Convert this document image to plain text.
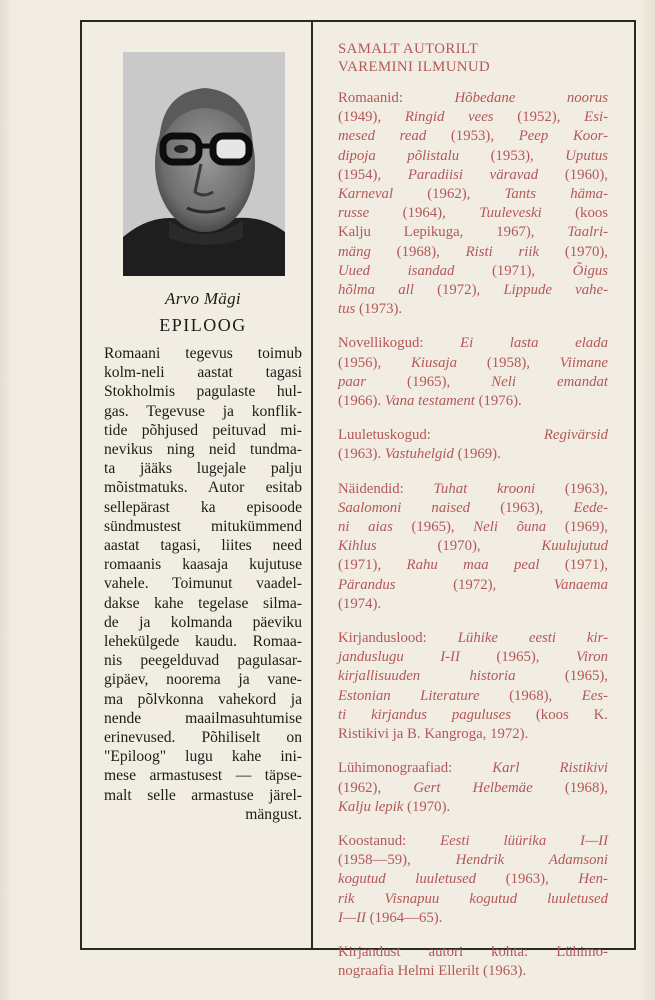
Arvo Mägi
EPILOOG
Romaani tegevus toimub
kolm-neli aastat tagasi
Stokholmis pagulaste hul-
gas. Tegevuse ja konflik-
tide põhjused peituvad mi-
nevikus ning neid tundma-
ta jääks lugejale palju
mõistmatuks. Autor esitab
sellepärast ka episoode
sündmustest mitukümmend
aastat tagasi, liites need
romaanis kaasaja kujutuse
vahele. Toimunut vaadel-
dakse kahe tegelase silma-
de ja kolmanda päeviku
lehekülgede kaudu. Romaa-
nis peegelduvad pagulasar-
gipäev, noorema ja vane-
ma põlvkonna vahekord ja
nende maailmasuhtumise
erinevused. Põhiliselt on
"Epiloog" lugu kahe ini-
mese armastusest — täpse-
malt selle armastuse järel-
mängust.
SAMALT AUTORILT
VAREMINI ILMUNUD
Romaanid: Hõbedane noorus
(1949), Ringid vees (1952), Esi-
mesed read (1953), Peep Koor-
dipoja põlistalu (1953), Uputus
(1954), Paradiisi väravad (1960),
Karneval (1962), Tants häma-
russe (1964), Tuuleveski (koos
Kalju Lepikuga, 1967), Taalri-
mäng (1968), Risti riik (1970),
Uued isandad (1971), Õigus
hõlma all (1972), Lippude vahe-
tus (1973).
Novellikogud: Ei lasta elada
(1956), Kiusaja (1958), Viimane
paar (1965), Neli emandat
(1966). Vana testament (1976).
Luuletuskogud: Regivärsid
(1963). Vastuhelgid (1969).
Näidendid: Tuhat krooni (1963),
Saalomoni naised (1963), Eede-
ni aias (1965), Neli õuna (1969),
Kihlus (1970), Kuulujutud
(1971), Rahu maa peal (1971),
Pärandus (1972), Vanaema
(1974).
Kirjanduslood: Lühike eesti kir-
janduslugu I-II (1965), Viron
kirjallisuuden historia (1965),
Estonian Literature (1968), Ees-
ti kirjandus paguluses (koos K.
Ristikivi ja B. Kangroga, 1972).
Lühimonograafiad: Karl Ristikivi
(1962), Gert Helbemäe (1968),
Kalju lepik (1970).
Koostanud: Eesti lüürika I—II
(1958—59), Hendrik Adamsoni
kogutud luuletused (1963), Hen-
rik Visnapuu kogutud luuletused
I—II (1964—65).
Kirjandust autori kohta: Lühimo-
nograafia Helmi Ellerilt (1963).
